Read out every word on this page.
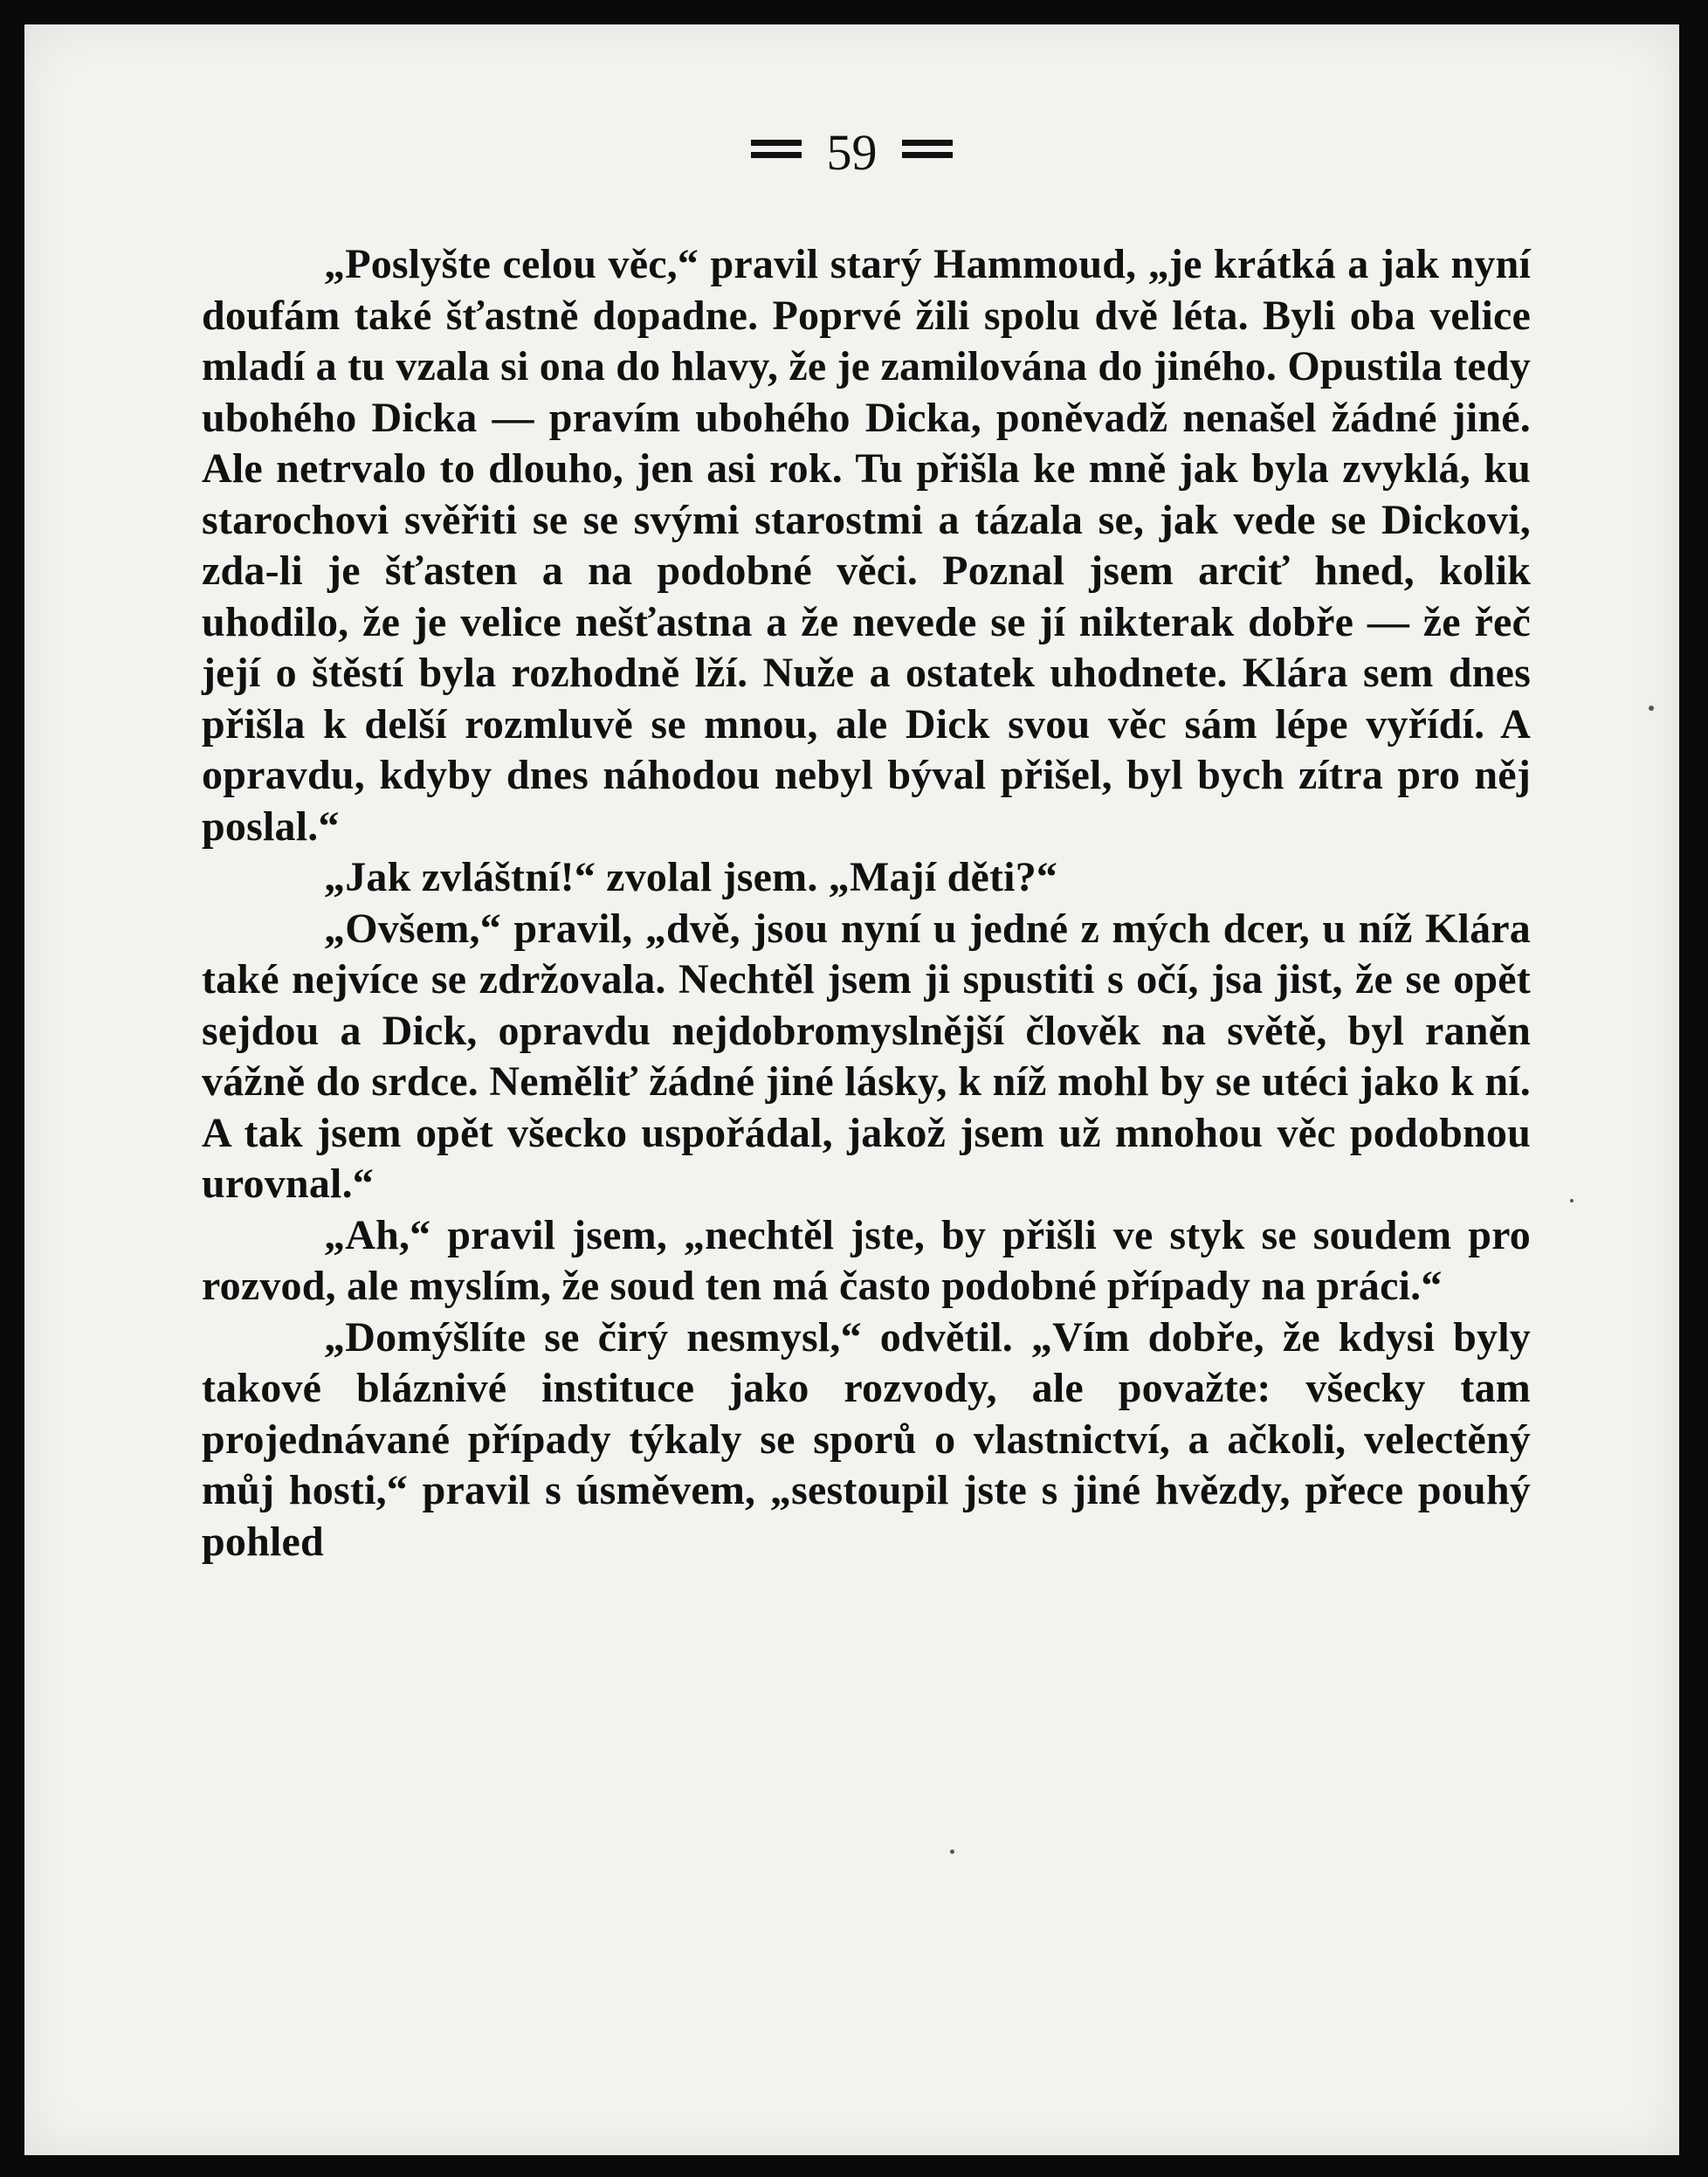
59

„Poslyšte celou věc,“ pravil starý Hammoud, „je krátká a jak nyní doufám také šťastně dopadne. Poprvé žili spolu dvě léta. Byli oba velice mladí a tu vzala si ona do hlavy, že je zamilována do jiného. Opustila tedy ubohého Dicka — pravím ubohého Dicka, poněvadž nenašel žádné jiné. Ale netrvalo to dlouho, jen asi rok. Tu přišla ke mně jak byla zvyklá, ku starochovi svěřiti se se svými starostmi a tázala se, jak vede se Dickovi, zda-li je šťasten a na podobné věci. Poznal jsem arciť hned, kolik uhodilo, že je velice nešťastna a že nevede se jí nikterak dobře — že řeč její o štěstí byla rozhodně lží. Nuže a ostatek uhodnete. Klára sem dnes přišla k delší rozmluvě se mnou, ale Dick svou věc sám lépe vyřídí. A opravdu, kdyby dnes náhodou nebyl býval přišel, byl bych zítra pro něj poslal.“

„Jak zvláštní!“ zvolal jsem. „Mají děti?“

„Ovšem,“ pravil, „dvě, jsou nyní u jedné z mých dcer, u níž Klára také nejvíce se zdržovala. Nechtěl jsem ji spustiti s očí, jsa jist, že se opět sejdou a Dick, opravdu nejdobromyslnější člověk na světě, byl raněn vážně do srdce. Neměliť žádné jiné lásky, k níž mohl by se utéci jako k ní. A tak jsem opět všecko uspořádal, jakož jsem už mnohou věc podobnou urovnal.“

„Ah,“ pravil jsem, „nechtěl jste, by přišli ve styk se soudem pro rozvod, ale myslím, že soud ten má často podobné případy na práci.“

„Domýšlíte se čirý nesmysl,“ odvětil. „Vím dobře, že kdysi byly takové bláznivé instituce jako rozvody, ale považte: všecky tam projednávané případy týkaly se sporů o vlastnictví, a ačkoli, velectěný můj hosti,“ pravil s úsměvem, „sestoupil jste s jiné hvězdy, přece pouhý pohled
